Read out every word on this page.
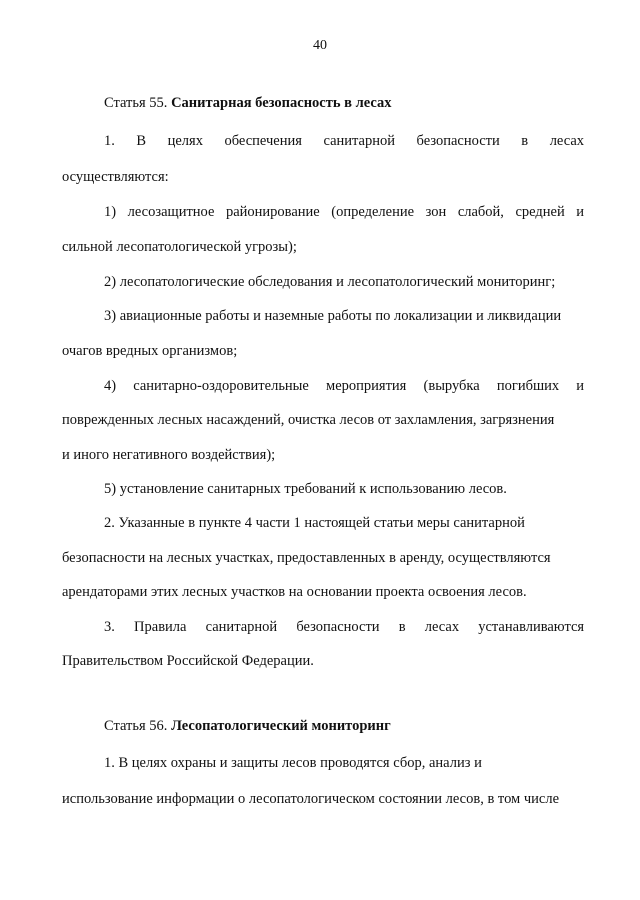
40
Статья 55. Санитарная безопасность в лесах
1. В целях обеспечения санитарной безопасности в лесах
осуществляются:
1) лесозащитное районирование (определение зон слабой, средней и
сильной лесопатологической угрозы);
2) лесопатологические обследования и лесопатологический мониторинг;
3) авиационные работы и наземные работы по локализации и ликвидации
очагов вредных организмов;
4) санитарно-оздоровительные мероприятия (вырубка погибших и
поврежденных лесных насаждений, очистка лесов от захламления, загрязнения
и иного негативного воздействия);
5) установление санитарных требований к использованию лесов.
2. Указанные в пункте 4 части 1 настоящей статьи меры санитарной
безопасности на лесных участках, предоставленных в аренду, осуществляются
арендаторами этих лесных участков на основании проекта освоения лесов.
3. Правила санитарной безопасности в лесах устанавливаются
Правительством Российской Федерации.
Статья 56. Лесопатологический мониторинг
1. В целях охраны и защиты лесов проводятся сбор, анализ и
использование информации о лесопатологическом состоянии лесов, в том числе
